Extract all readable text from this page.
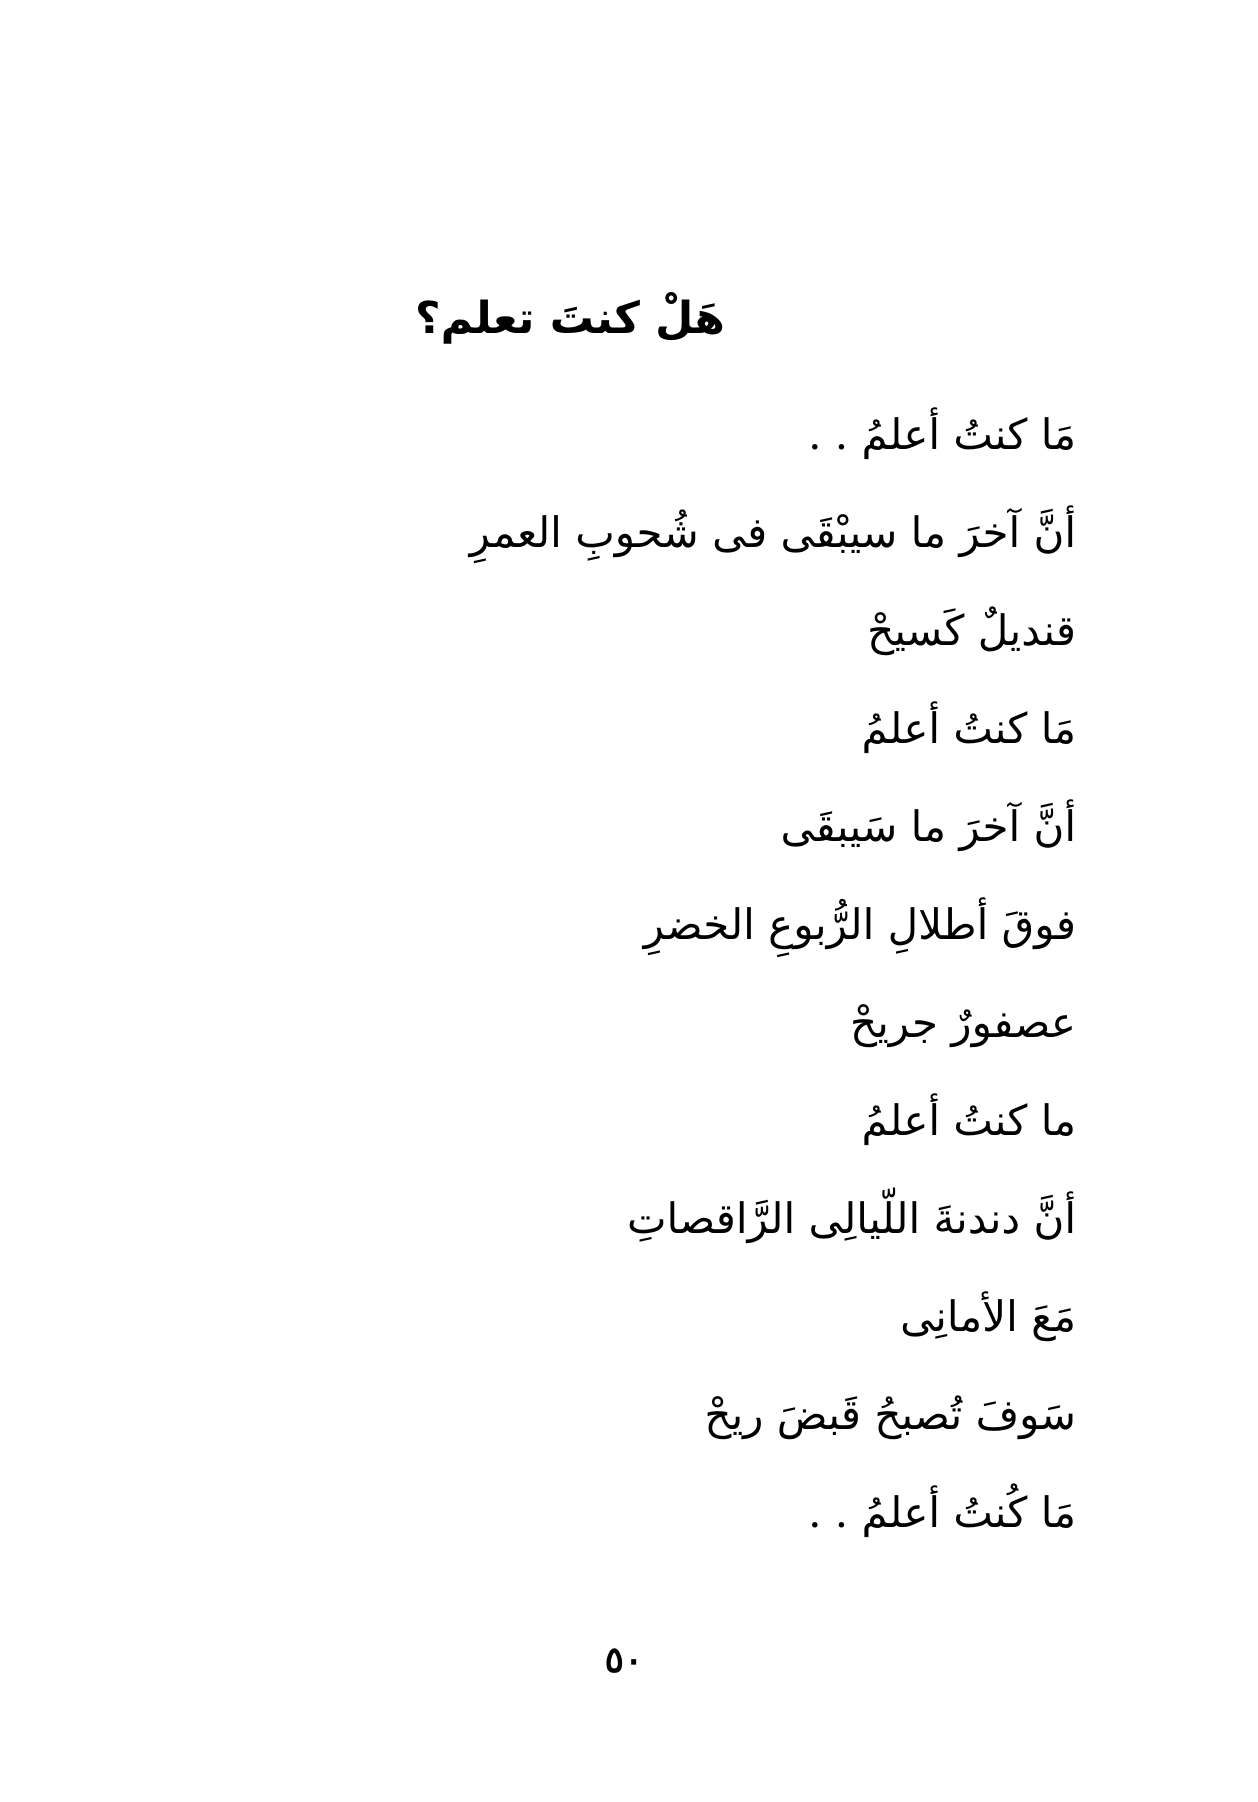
هَلْ كنتَ تعلم؟
مَا كنتُ أعلمُ . .
أنَّ آخرَ ما سيبْقَى فى شُحوبِ العمرِ
قنديلٌ كَسيحْ
مَا كنتُ أعلمُ
أنَّ آخرَ ما سَيبقَى
فوقَ أطلالِ الرُّبوعِ الخضرِ
عصفورٌ جريحْ
ما كنتُ أعلمُ
أنَّ دندنةَ اللّيالِى الرَّاقصاتِ
مَعَ الأمانِى
سَوفَ تُصبحُ قَبضَ ريحْ
مَا كُنتُ أعلمُ . .
٥٠
